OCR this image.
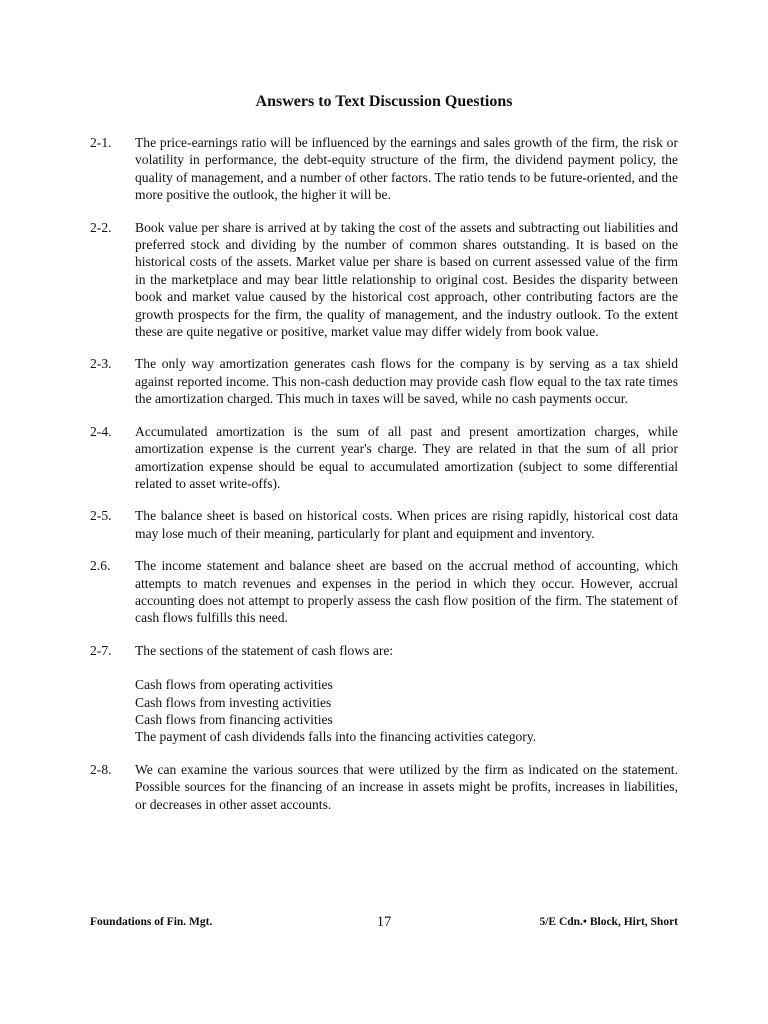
Answers to Text Discussion Questions
2-1. The price-earnings ratio will be influenced by the earnings and sales growth of the firm, the risk or volatility in performance, the debt-equity structure of the firm, the dividend payment policy, the quality of management, and a number of other factors. The ratio tends to be future-oriented, and the more positive the outlook, the higher it will be.

2-2. Book value per share is arrived at by taking the cost of the assets and subtracting out liabilities and preferred stock and dividing by the number of common shares outstanding. It is based on the historical costs of the assets. Market value per share is based on current assessed value of the firm in the marketplace and may bear little relationship to original cost. Besides the disparity between book and market value caused by the historical cost approach, other contributing factors are the growth prospects for the firm, the quality of management, and the industry outlook. To the extent these are quite negative or positive, market value may differ widely from book value.

2-3. The only way amortization generates cash flows for the company is by serving as a tax shield against reported income. This non-cash deduction may provide cash flow equal to the tax rate times the amortization charged. This much in taxes will be saved, while no cash payments occur.

2-4. Accumulated amortization is the sum of all past and present amortization charges, while amortization expense is the current year's charge. They are related in that the sum of all prior amortization expense should be equal to accumulated amortization (subject to some differential related to asset write-offs).

2-5. The balance sheet is based on historical costs. When prices are rising rapidly, historical cost data may lose much of their meaning, particularly for plant and equipment and inventory.

2.6. The income statement and balance sheet are based on the accrual method of accounting, which attempts to match revenues and expenses in the period in which they occur. However, accrual accounting does not attempt to properly assess the cash flow position of the firm. The statement of cash flows fulfills this need.

2-7. The sections of the statement of cash flows are:

Cash flows from operating activities
Cash flows from investing activities
Cash flows from financing activities

The payment of cash dividends falls into the financing activities category.

2-8. We can examine the various sources that were utilized by the firm as indicated on the statement. Possible sources for the financing of an increase in assets might be profits, increases in liabilities, or decreases in other asset accounts.

Foundations of Fin. Mgt.	17	5/E Cdn.• Block, Hirt, Short
